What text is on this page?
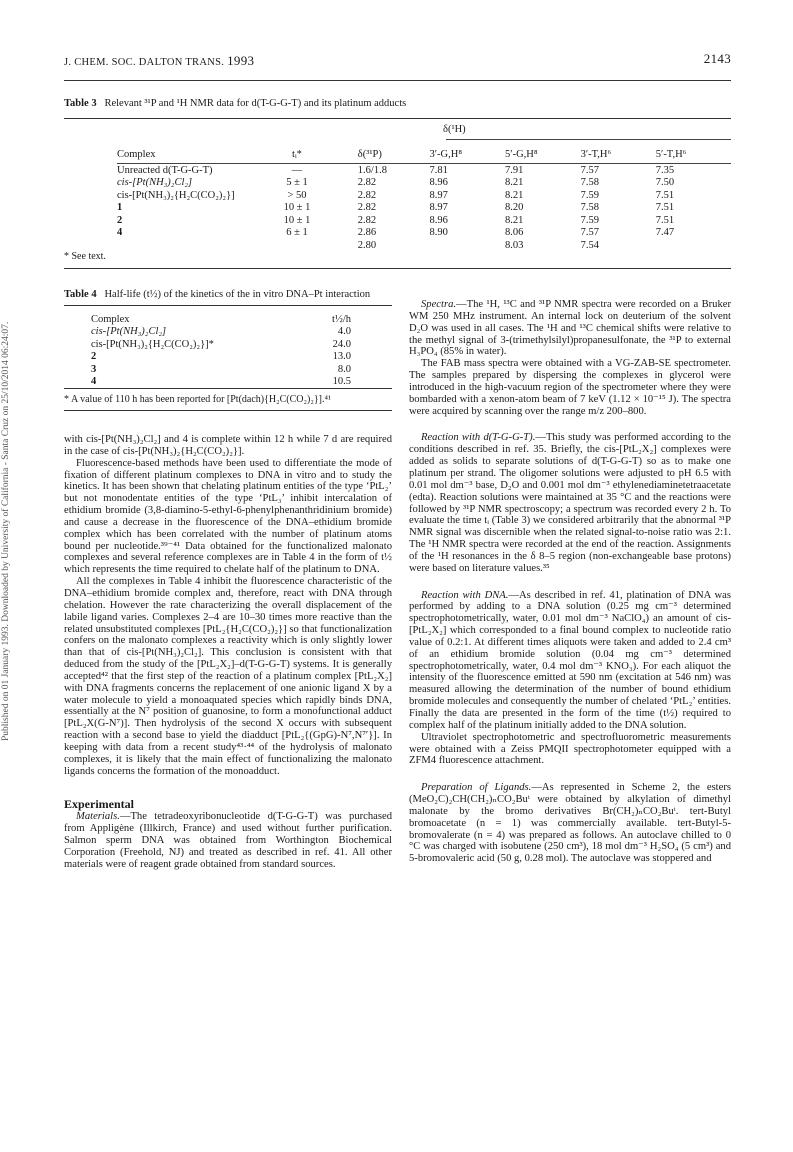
Published on 01 January 1993. Downloaded by University of California - Santa Cruz on 25/10/2014 06:24:07.
J. CHEM. SOC. DALTON TRANS. 1993	2143
Table 3 Relevant ³¹P and ¹H NMR data for d(T-G-G-T) and its platinum adducts
δ(¹H)
Complex	tᵢ*	δ(³¹P)	3′-G,H⁸	5′-G,H⁸	3′-T,H⁶	5′-T,H⁶

Unreacted d(T-G-G-T)	—	1.6/1.8	7.81	7.91	7.57	7.35
cis-[Pt(NH₃)₂Cl₂]	5 ± 1	2.82	8.96	8.21	7.58	7.50
cis-[Pt(NH₃)₂{H₂C(CO₂)₂}]	> 50	2.82	8.97	8.21	7.59	7.51
1	10 ± 1	2.82	8.97	8.20	7.58	7.51
2	10 ± 1	2.82	8.96	8.21	7.59	7.51
4	6 ± 1	2.86	8.90	8.06	7.57	7.47
		2.80		8.03	7.54	
* See text.
Table 4 Half-life (t½) of the kinetics of the in vitro DNA–Pt interaction
Complex	t½/h
cis-[Pt(NH₃)₂Cl₂]	4.0
cis-[Pt(NH₃)₂{H₂C(CO₂)₂}]*	24.0
2	13.0
3	8.0
4	10.5
* A value of 110 h has been reported for [Pt(dach){H₂C(CO₂)₂}].⁴¹

with cis-[Pt(NH₃)₂Cl₂] and 4 is complete within 12 h while 7 d are required in the case of cis-[Pt(NH₃)₂{H₂C(CO₂)₂}].

Fluorescence-based methods have been used to differentiate the mode of fixation of different platinum complexes to DNA in vitro and to study the kinetics. It has been shown that chelating platinum entities of the type ‘PtL₂’ but not monodentate entities of the type ‘PtL₃’ inhibit intercalation of ethidium bromide (3,8-diamino-5-ethyl-6-phenylphenanthridinium bromide) and cause a decrease in the fluorescence of the DNA–ethidium bromide complex which has been correlated with the number of platinum atoms bound per nucleotide.³⁹⁻⁴¹ Data obtained for the functionalized malonato complexes and several reference complexes are in Table 4 in the form of t½ which represents the time required to chelate half of the platinum to DNA.

All the complexes in Table 4 inhibit the fluorescence characteristic of the DNA–ethidium bromide complex and, therefore, react with DNA through chelation. However the rate characterizing the overall displacement of the labile ligand varies. Complexes 2–4 are 10–30 times more reactive than the related unsubstituted complexes [PtL₂{H₂C(CO₂)₂}] so that functionalization confers on the malonato complexes a reactivity which is only slightly lower than that of cis-[Pt(NH₃)₂Cl₂]. This conclusion is consistent with that deduced from the study of the [PtL₂X₂]–d(T-G-G-T) systems. It is generally accepted⁴² that the first step of the reaction of a platinum complex [PtL₂X₂] with DNA fragments concerns the replacement of one anionic ligand X by a water molecule to yield a monoaquated species which rapidly binds DNA, essentially at the N⁷ position of guanosine, to form a monofunctional adduct [PtL₂X(G-N⁷)]. Then hydrolysis of the second X occurs with subsequent reaction with a second base to yield the diadduct [PtL₂{(GpG)-N⁷,N⁷′}]. In keeping with data from a recent study⁴³·⁴⁴ of the hydrolysis of malonato complexes, it is likely that the main effect of functionalizing the malonato ligands concerns the formation of the monoadduct.

Experimental

Materials.—The tetradeoxyribonucleotide d(T-G-G-T) was purchased from Appligène (Illkirch, France) and used without further purification. Salmon sperm DNA was obtained from Worthington Biochemical Corporation (Freehold, NJ) and treated as described in ref. 41. All other materials were of reagent grade obtained from standard sources.

Spectra.—The ¹H, ¹³C and ³¹P NMR spectra were recorded on a Bruker WM 250 MHz instrument. An internal lock on deuterium of the solvent D₂O was used in all cases. The ¹H and ¹³C chemical shifts were relative to the methyl signal of 3-(trimethylsilyl)propanesulfonate, the ³¹P to external H₃PO₄ (85% in water).

The FAB mass spectra were obtained with a VG-ZAB-SE spectrometer. The samples prepared by dispersing the complexes in glycerol were introduced in the high-vacuum region of the spectrometer where they were bombarded with a xenon-atom beam of 7 keV (1.12 × 10⁻¹⁵ J). The spectra were acquired by scanning over the range m/z 200–800.

Reaction with d(T-G-G-T).—This study was performed according to the conditions described in ref. 35. Briefly, the cis-[PtL₂X₂] complexes were added as solids to separate solutions of d(T-G-G-T) so as to make one platinum per strand. The oligomer solutions were adjusted to pH 6.5 with 0.01 mol dm⁻³ base, D₂O and 0.001 mol dm⁻³ ethylenediaminetetraacetate (edta). Reaction solutions were maintained at 35 °C and the reactions were followed by ³¹P NMR spectroscopy; a spectrum was recorded every 2 h. To evaluate the time tᵢ (Table 3) we considered arbitrarily that the abnormal ³¹P NMR signal was discernible when the related signal-to-noise ratio was 2:1. The ¹H NMR spectra were recorded at the end of the reaction. Assignments of the ¹H resonances in the δ 8–5 region (non-exchangeable base protons) were based on literature values.³⁵

Reaction with DNA.—As described in ref. 41, platination of DNA was performed by adding to a DNA solution (0.25 mg cm⁻³ determined spectrophotometrically, water, 0.01 mol dm⁻³ NaClO₄) an amount of cis-[PtL₂X₂] which corresponded to a final bound complex to nucleotide ratio value of 0.2:1. At different times aliquots were taken and added to 2.4 cm³ of an ethidium bromide solution (0.04 mg cm⁻³ determined spectrophotometrically, water, 0.4 mol dm⁻³ KNO₃). For each aliquot the intensity of the fluorescence emitted at 590 nm (excitation at 546 nm) was measured allowing the determination of the number of bound ethidium bromide molecules and consequently the number of chelated ‘PtL₂’ entities. Finally the data are presented in the form of the time (t½) required to complex half of the platinum initially added to the DNA solution.

Ultraviolet spectrophotometric and spectrofluorometric measurements were obtained with a Zeiss PMQII spectrophotometer equipped with a ZFM4 fluorescence attachment.

Preparation of Ligands.—As represented in Scheme 2, the esters (MeO₂C)₂CH(CH₂)ₙCO₂Buᵗ were obtained by alkylation of dimethyl malonate by the bromo derivatives Br(CH₂)ₙCO₂Buᵗ. tert-Butyl bromoacetate (n = 1) was commercially available. tert-Butyl-5-bromovalerate (n = 4) was prepared as follows. An autoclave chilled to 0 °C was charged with isobutene (250 cm³), 18 mol dm⁻³ H₂SO₄ (5 cm³) and 5-bromovaleric acid (50 g, 0.28 mol). The autoclave was stoppered and
